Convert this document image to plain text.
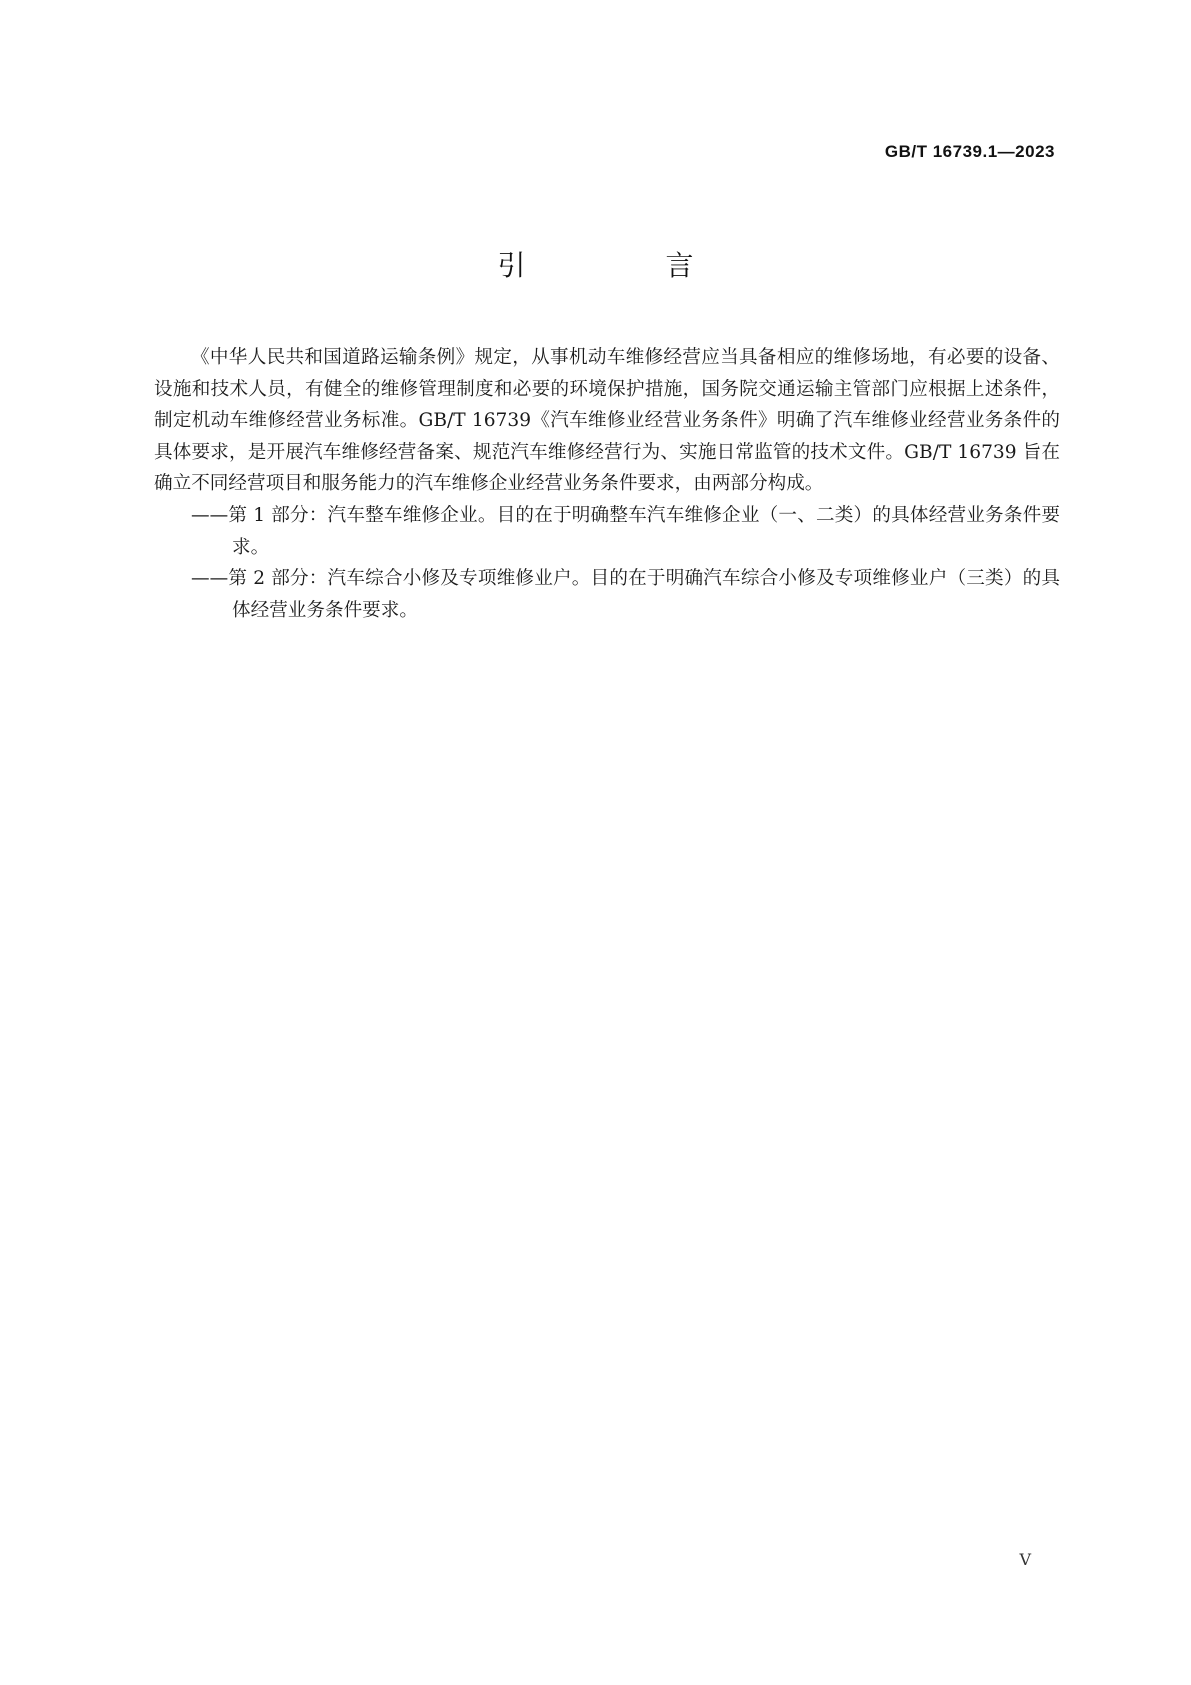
GB/T 16739.1—2023
引　言

《中华人民共和国道路运输条例》规定，从事机动车维修经营应当具备相应的维修场地，有必要的设备、设施和技术人员，有健全的维修管理制度和必要的环境保护措施，国务院交通运输主管部门应根据上述条件，制定机动车维修经营业务标准。GB/T 16739《汽车维修业经营业务条件》明确了汽车维修业经营业务条件的具体要求，是开展汽车维修经营备案、规范汽车维修经营行为、实施日常监管的技术文件。GB/T 16739 旨在确立不同经营项目和服务能力的汽车维修企业经营业务条件要求，由两部分构成。

——第 1 部分：汽车整车维修企业。目的在于明确整车汽车维修企业（一、二类）的具体经营业务条件要求。

——第 2 部分：汽车综合小修及专项维修业户。目的在于明确汽车综合小修及专项维修业户（三类）的具体经营业务条件要求。

V
